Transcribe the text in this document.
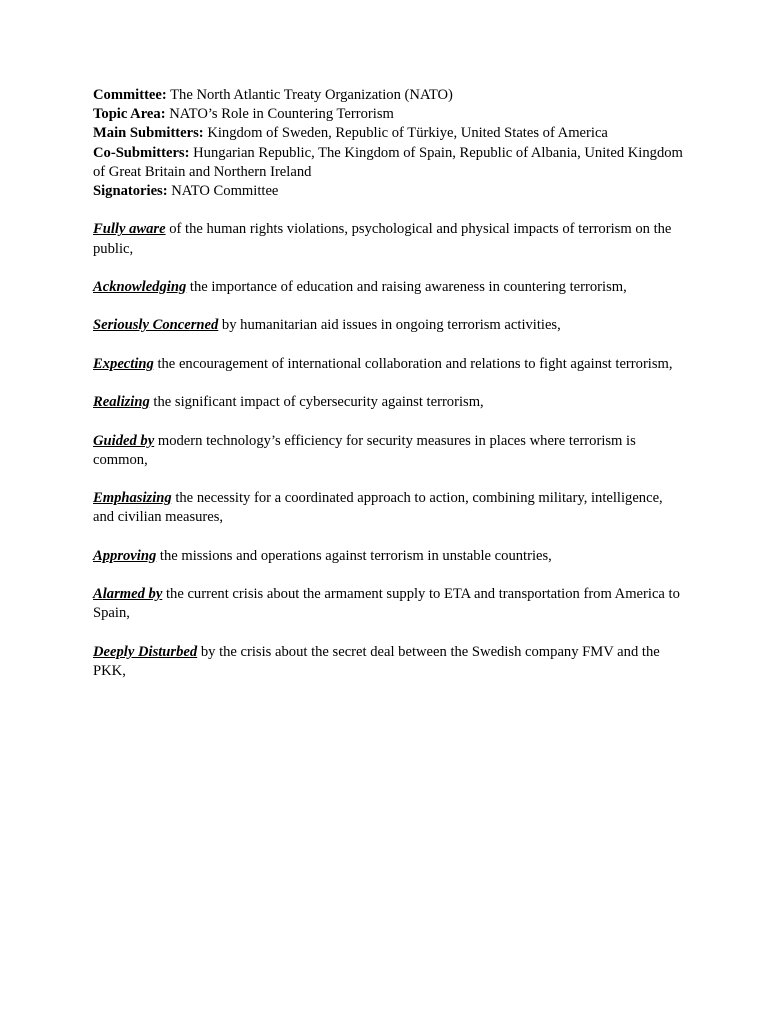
Committee: The North Atlantic Treaty Organization (NATO)

Topic Area: NATO’s Role in Countering Terrorism

Main Submitters: Kingdom of Sweden, Republic of Türkiye, United States of America

Co-Submitters: Hungarian Republic, The Kingdom of Spain, Republic of Albania, United Kingdom of Great Britain and Northern Ireland

Signatories: NATO Committee

Fully aware of the human rights violations, psychological and physical impacts of terrorism on the public,

Acknowledging the importance of education and raising awareness in countering terrorism,

Seriously Concerned by humanitarian aid issues in ongoing terrorism activities,

Expecting the encouragement of international collaboration and relations to fight against terrorism,

Realizing the significant impact of cybersecurity against terrorism,

Guided by modern technology’s efficiency for security measures in places where terrorism is common,

Emphasizing the necessity for a coordinated approach to action, combining military, intelligence, and civilian measures,

Approving the missions and operations against terrorism in unstable countries,

Alarmed by the current crisis about the armament supply to ETA and transportation from America to Spain,

Deeply Disturbed by the crisis about the secret deal between the Swedish company FMV and the PKK,
